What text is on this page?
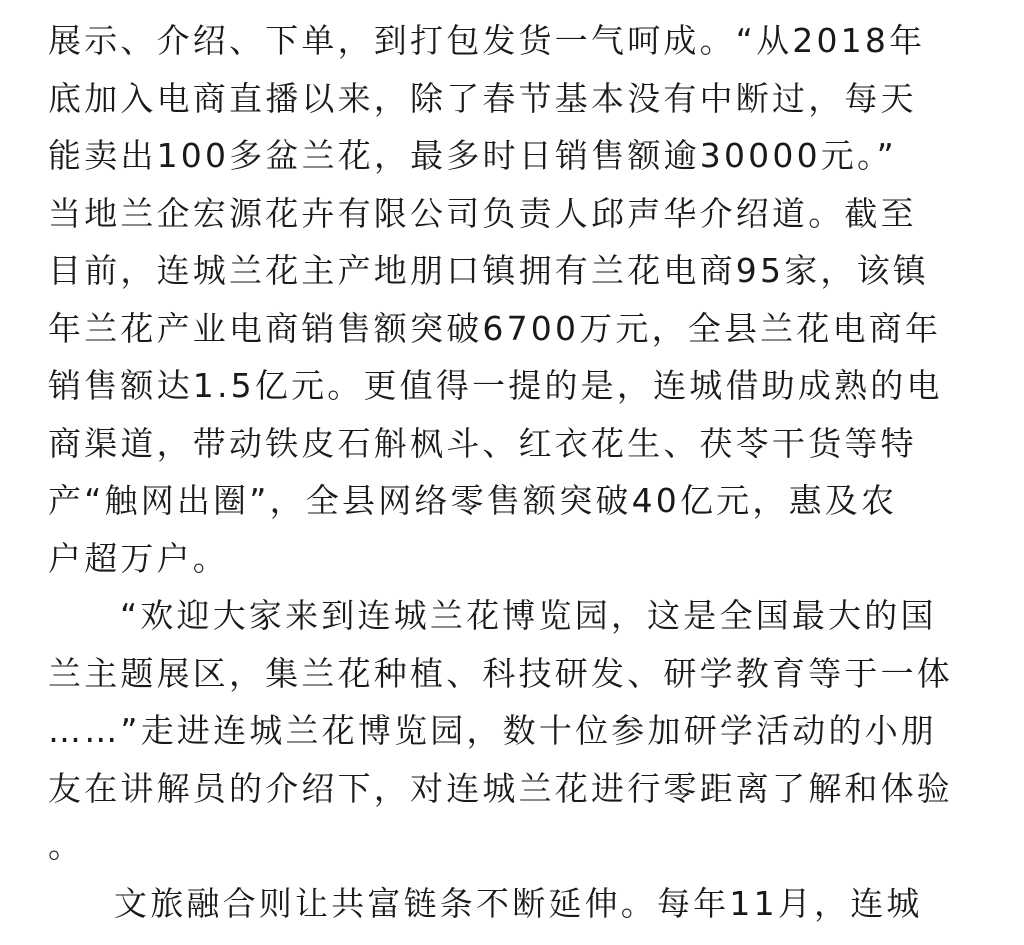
展示、介绍、下单，到打包发货一气呵成。“从2018年
底加入电商直播以来，除了春节基本没有中断过，每天
能卖出100多盆兰花，最多时日销售额逾30000元。”
当地兰企宏源花卉有限公司负责人邱声华介绍道。截至
目前，连城兰花主产地朋口镇拥有兰花电商95家，该镇
年兰花产业电商销售额突破6700万元，全县兰花电商年
销售额达1.5亿元。更值得一提的是，连城借助成熟的电
商渠道，带动铁皮石斛枫斗、红衣花生、茯苓干货等特
产“触网出圈”，全县网络零售额突破40亿元，惠及农
户超万户。
“欢迎大家来到连城兰花博览园，这是全国最大的国
兰主题展区，集兰花种植、科技研发、研学教育等于一体
……”走进连城兰花博览园，数十位参加研学活动的小朋
友在讲解员的介绍下，对连城兰花进行零距离了解和体验
。
文旅融合则让共富链条不断延伸。每年11月，连城
